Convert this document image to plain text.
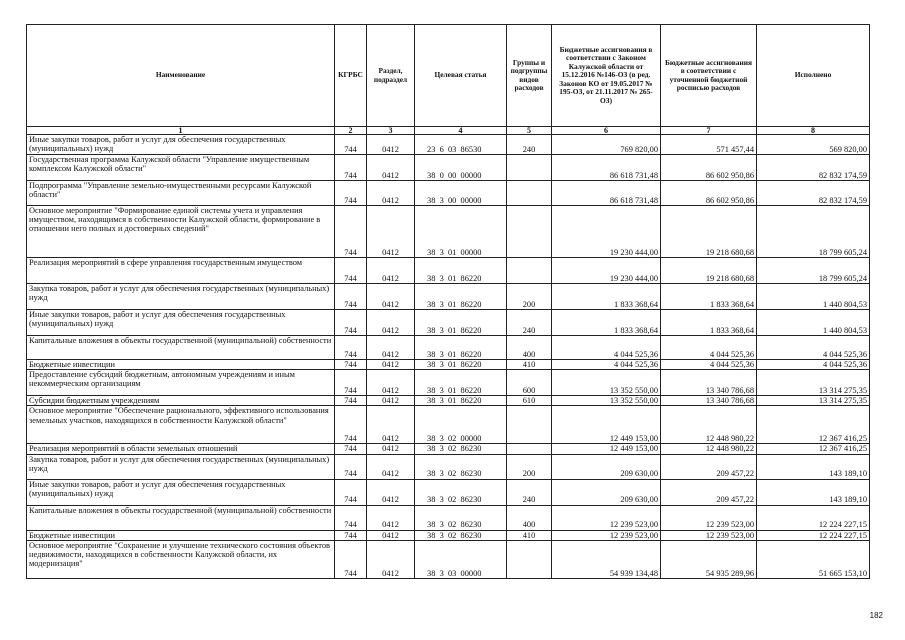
Наименование	КГРБС	Раздел, подраздел	Целевая статья	Группы и подгруппы видов расходов	Бюджетные ассигнования в соответствии с Законом Калужской области от 15.12.2016 №146-ОЗ (в ред. Законов КО от 19.05.2017 № 195-ОЗ, от 21.11.2017 № 265-ОЗ)	Бюджетные ассигнования в соответствии с уточненной бюджетной росписью расходов	Исполнено
1	2	3	4	5	6	7	8
Иные закупки товаров, работ и услуг для обеспечения государственных (муниципальных) нужд	744	0412	23  6  03  86530	240	769 820,00	571 457,44	569 820,00
Государственная программа Калужской области "Управление имущественным комплексом Калужской области"	744	0412	38  0  00  00000		86 618 731,48	86 602 950,86	82 832 174,59
Подпрограмма "Управление земельно-имущественными ресурсами Калужской области"	744	0412	38  3  00  00000		86 618 731,48	86 602 950,86	82 832 174,59
Основное мероприятие "Формирование единой системы учета и управления имуществом, находящимся в собственности Калужской области, формирование в отношении него полных и достоверных сведений"	744	0412	38  3  01  00000		19 230 444,00	19 218 680,68	18 799 605,24
Реализация мероприятий в сфере управления государственным имуществом	744	0412	38  3  01  86220		19 230 444,00	19 218 680,68	18 799 605,24
Закупка товаров, работ и услуг для обеспечения государственных (муниципальных) нужд	744	0412	38  3  01  86220	200	1 833 368,64	1 833 368,64	1 440 804,53
Иные закупки товаров, работ и услуг для обеспечения государственных (муниципальных) нужд	744	0412	38  3  01  86220	240	1 833 368,64	1 833 368,64	1 440 804,53
Капитальные вложения в объекты государственной (муниципальной) собственности	744	0412	38  3  01  86220	400	4 044 525,36	4 044 525,36	4 044 525,36
Бюджетные инвестиции	744	0412	38  3  01  86220	410	4 044 525,36	4 044 525,36	4 044 525,36
Предоставление субсидий бюджетным, автономным учреждениям и иным некоммерческим организациям	744	0412	38  3  01  86220	600	13 352 550,00	13 340 786,68	13 314 275,35
Субсидии бюджетным учреждениям	744	0412	38  3  01  86220	610	13 352 550,00	13 340 786,68	13 314 275,35
Основное мероприятие "Обеспечение рационального, эффективного использования земельных участков, находящихся в собственности Калужской области"	744	0412	38  3  02  00000		12 449 153,00	12 448 980,22	12 367 416,25
Реализация мероприятий в области земельных отношений	744	0412	38  3  02  86230		12 449 153,00	12 448 980,22	12 367 416,25
Закупка товаров, работ и услуг для обеспечения государственных (муниципальных) нужд	744	0412	38  3  02  86230	200	209 630,00	209 457,22	143 189,10
Иные закупки товаров, работ и услуг для обеспечения государственных (муниципальных) нужд	744	0412	38  3  02  86230	240	209 630,00	209 457,22	143 189,10
Капитальные вложения в объекты государственной (муниципальной) собственности	744	0412	38  3  02  86230	400	12 239 523,00	12 239 523,00	12 224 227,15
Бюджетные инвестиции	744	0412	38  3  02  86230	410	12 239 523,00	12 239 523,00	12 224 227,15
Основное мероприятие "Сохранение и улучшение технического состояния объектов недвижимости, находящихся в собственности Калужской области, их модернизация"	744	0412	38  3  03  00000		54 939 134,48	54 935 289,96	51 665 153,10
182
